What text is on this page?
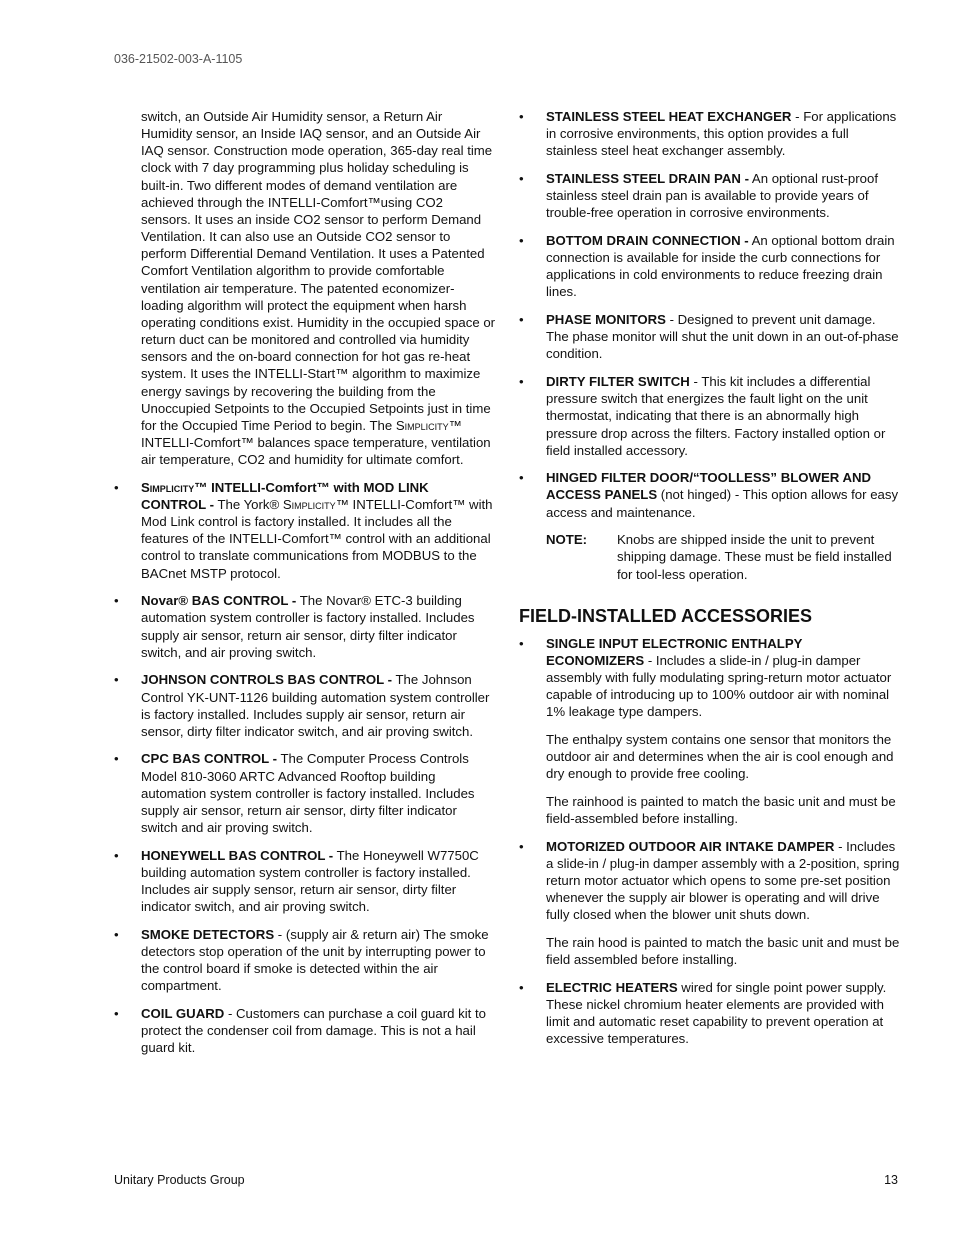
036-21502-003-A-1105

switch, an Outside Air Humidity sensor, a Return Air Humidity sensor, an Inside IAQ sensor, and an Outside Air IAQ sensor. Construction mode operation, 365-day real time clock with 7 day programming plus holiday scheduling is built-in. Two different modes of demand ventilation are achieved through the INTELLI-Comfort™using CO2 sensors. It uses an inside CO2 sensor to perform Demand Ventilation. It can also use an Outside CO2 sensor to perform Differential Demand Ventilation. It uses a Patented Comfort Ventilation algorithm to provide comfortable ventilation air temperature. The patented economizer-loading algorithm will protect the equipment when harsh operating conditions exist. Humidity in the occupied space or return duct can be monitored and controlled via humidity sensors and the on-board connection for hot gas re-heat system. It uses the INTELLI-Start™ algorithm to maximize energy savings by recovering the building from the Unoccupied Setpoints to the Occupied Setpoints just in time for the Occupied Time Period to begin. The Simplicity™ INTELLI-Comfort™ balances space temperature, ventilation air temperature, CO2 and humidity for ultimate comfort.

•	Simplicity™ INTELLI-Comfort™ with MOD LINK CONTROL - The York® Simplicity™ INTELLI-Comfort™ with Mod Link control is factory installed. It includes all the features of the INTELLI-Comfort™ control with an additional control to translate communications from MODBUS to the BACnet MSTP protocol.
•	Novar® BAS CONTROL - The Novar® ETC-3 building automation system controller is factory installed. Includes supply air sensor, return air sensor, dirty filter indicator switch, and air proving switch.
•	JOHNSON CONTROLS BAS CONTROL - The Johnson Control YK-UNT-1126 building automation system controller is factory installed. Includes supply air sensor, return air sensor, dirty filter indicator switch, and air proving switch.
•	CPC BAS CONTROL - The Computer Process Controls Model 810-3060 ARTC Advanced Rooftop building automation system controller is factory installed. Includes supply air sensor, return air sensor, dirty filter indicator switch and air proving switch.
•	HONEYWELL BAS CONTROL - The Honeywell W7750C building automation system controller is factory installed. Includes air supply sensor, return air sensor, dirty filter indicator switch, and air proving switch.
•	SMOKE DETECTORS - (supply air & return air) The smoke detectors stop operation of the unit by interrupting power to the control board if smoke is detected within the air compartment.
•	COIL GUARD - Customers can purchase a coil guard kit to protect the condenser coil from damage. This is not a hail guard kit.
•	STAINLESS STEEL HEAT EXCHANGER - For applications in corrosive environments, this option provides a full stainless steel heat exchanger assembly.
•	STAINLESS STEEL DRAIN PAN - An optional rust-proof stainless steel drain pan is available to provide years of trouble-free operation in corrosive environments.
•	BOTTOM DRAIN CONNECTION - An optional bottom drain connection is available for inside the curb connections for applications in cold environments to reduce freezing drain lines.
•	PHASE MONITORS - Designed to prevent unit damage. The phase monitor will shut the unit down in an out-of-phase condition.
•	DIRTY FILTER SWITCH - This kit includes a differential pressure switch that energizes the fault light on the unit thermostat, indicating that there is an abnormally high pressure drop across the filters. Factory installed option or field installed accessory.
•	HINGED FILTER DOOR/“TOOLLESS” BLOWER AND ACCESS PANELS (not hinged) - This option allows for easy access and maintenance.
NOTE: Knobs are shipped inside the unit to prevent shipping damage. These must be field installed for tool-less operation.
FIELD-INSTALLED ACCESSORIES
•	SINGLE INPUT ELECTRONIC ENTHALPY ECONOMIZERS - Includes a slide-in / plug-in damper assembly with fully modulating spring-return motor actuator capable of introducing up to 100% outdoor air with nominal 1% leakage type dampers.

The enthalpy system contains one sensor that monitors the outdoor air and determines when the air is cool enough and dry enough to provide free cooling.

The rainhood is painted to match the basic unit and must be field-assembled before installing.

•	MOTORIZED OUTDOOR AIR INTAKE DAMPER - Includes a slide-in / plug-in damper assembly with a 2-position, spring return motor actuator which opens to some pre-set position whenever the supply air blower is operating and will drive fully closed when the blower unit shuts down.

The rain hood is painted to match the basic unit and must be field assembled before installing.

•	ELECTRIC HEATERS wired for single point power supply. These nickel chromium heater elements are provided with limit and automatic reset capability to prevent operation at excessive temperatures.
Unitary Products Group	13
